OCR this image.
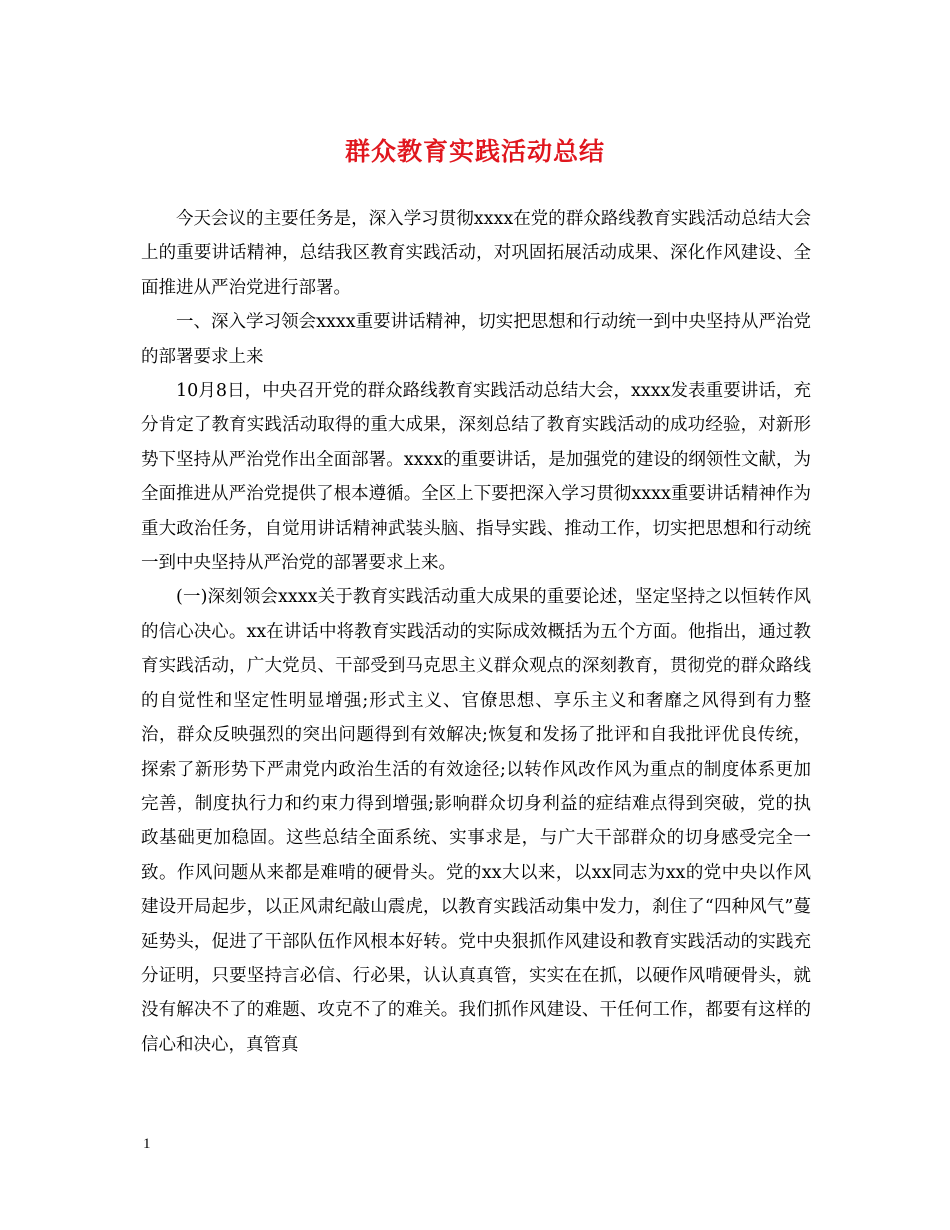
群众教育实践活动总结

今天会议的主要任务是，深入学习贯彻xxxx在党的群众路线教育实践活动总结大会上的重要讲话精神，总结我区教育实践活动，对巩固拓展活动成果、深化作风建设、全面推进从严治党进行部署。

一、深入学习领会xxxx重要讲话精神，切实把思想和行动统一到中央坚持从严治党的部署要求上来

10月8日，中央召开党的群众路线教育实践活动总结大会，xxxx发表重要讲话，充分肯定了教育实践活动取得的重大成果，深刻总结了教育实践活动的成功经验，对新形势下坚持从严治党作出全面部署。xxxx的重要讲话，是加强党的建设的纲领性文献，为全面推进从严治党提供了根本遵循。全区上下要把深入学习贯彻xxxx重要讲话精神作为重大政治任务，自觉用讲话精神武装头脑、指导实践、推动工作，切实把思想和行动统一到中央坚持从严治党的部署要求上来。

(一)深刻领会xxxx关于教育实践活动重大成果的重要论述，坚定坚持之以恒转作风的信心决心。xx在讲话中将教育实践活动的实际成效概括为五个方面。他指出，通过教育实践活动，广大党员、干部受到马克思主义群众观点的深刻教育，贯彻党的群众路线的自觉性和坚定性明显增强;形式主义、官僚思想、享乐主义和奢靡之风得到有力整治，群众反映强烈的突出问题得到有效解决;恢复和发扬了批评和自我批评优良传统，探索了新形势下严肃党内政治生活的有效途径;以转作风改作风为重点的制度体系更加完善，制度执行力和约束力得到增强;影响群众切身利益的症结难点得到突破，党的执政基础更加稳固。这些总结全面系统、实事求是，与广大干部群众的切身感受完全一致。作风问题从来都是难啃的硬骨头。党的xx大以来，以xx同志为xx的党中央以作风建设开局起步，以正风肃纪敲山震虎，以教育实践活动集中发力，刹住了“四种风气”蔓延势头，促进了干部队伍作风根本好转。党中央狠抓作风建设和教育实践活动的实践充分证明，只要坚持言必信、行必果，认认真真管，实实在在抓，以硬作风啃硬骨头，就没有解决不了的难题、攻克不了的难关。我们抓作风建设、干任何工作，都要有这样的信心和决心，真管真

1
